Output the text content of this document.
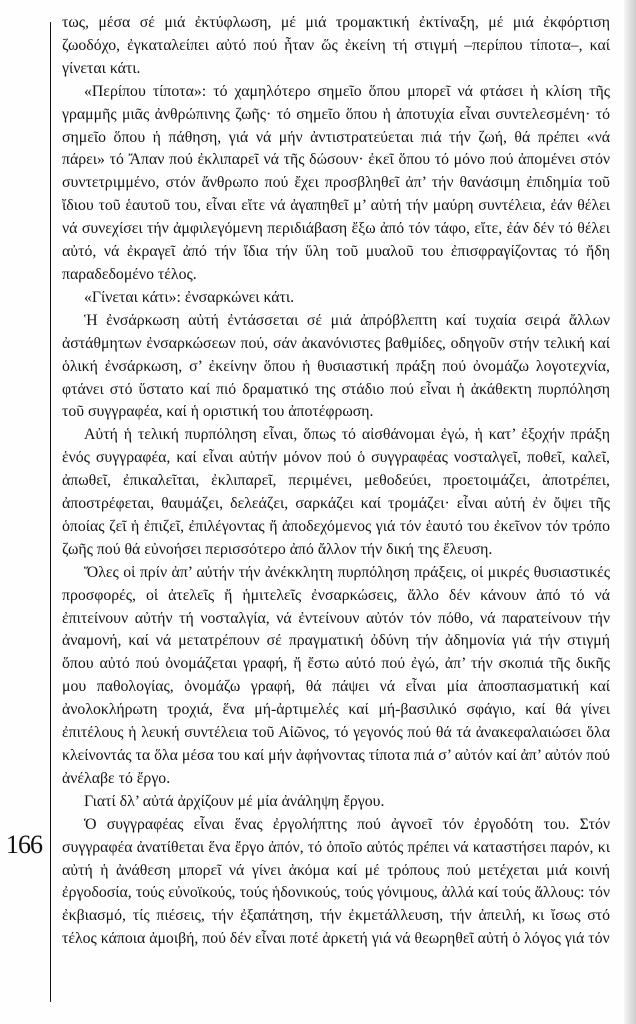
166

τως, μέσα σέ μιά ἐκτύφλωση, μέ μιά τρομακτική ἐκτίναξη, μέ μιά ἐκφόρτιση ζωοδόχο, ἐγκαταλείπει αὐτό πού ἦταν ὥς ἐκείνη τή στιγμή –περίπου τίποτα–, καί γίνεται κάτι.

«Περίπου τίποτα»: τό χαμηλότερο σημεῖο ὅπου μπορεῖ νά φτάσει ἡ κλίση τῆς γραμμῆς μιᾶς ἀνθρώπινης ζωῆς· τό σημεῖο ὅπου ἡ ἀποτυχία εἶναι συντελεσμένη· τό σημεῖο ὅπου ἡ πάθηση, γιά νά μήν ἀντιστρατεύεται πιά τήν ζωή, θά πρέπει «νά πάρει» τό Ἄπαν πού ἐκλιπαρεῖ νά τῆς δώσουν· ἐκεῖ ὅπου τό μόνο πού ἀπομένει στόν συντετριμμένο, στόν ἄνθρωπο πού ἔχει προσβληθεῖ ἀπ’ τήν θανάσιμη ἐπιδημία τοῦ ἴδιου τοῦ ἑαυτοῦ του, εἶναι εἴτε νά ἀγαπηθεῖ μ’ αὐτή τήν μαύρη συντέλεια, ἐάν θέλει νά συνεχίσει τήν ἀμφιλεγόμενη περιδιάβαση ἔξω ἀπό τόν τάφο, εἴτε, ἐάν δέν τό θέλει αὐτό, νά ἐκραγεῖ ἀπό τήν ἴδια τήν ὕλη τοῦ μυαλοῦ του ἐπισφραγίζοντας τό ἤδη παραδεδομένο τέλος.

«Γίνεται κάτι»: ἐνσαρκώνει κάτι.

Ἡ ἐνσάρκωση αὐτή ἐντάσσεται σέ μιά ἀπρόβλεπτη καί τυχαία σειρά ἄλλων ἀστάθμητων ἐνσαρκώσεων πού, σάν ἀκανόνιστες βαθμίδες, οδηγοῦν στήν τελική καί ὁλική ἐνσάρκωση, σ’ ἐκείνην ὅπου ἡ θυσιαστική πράξη πού ὀνομάζω λογοτεχνία, φτάνει στό ὕστατο καί πιό δραματικό της στάδιο πού εἶναι ἡ ἀκάθεκτη πυρπόληση τοῦ συγγραφέα, καί ἡ οριστική του ἀποτέφρωση.

Αὐτή ἡ τελική πυρπόληση εἶναι, ὅπως τό αἰσθάνομαι ἐγώ, ἡ κατ’ ἐξοχήν πράξη ἑνός συγγραφέα, καί εἶναι αὐτήν μόνον πού ὁ συγγραφέας νοσταλγεῖ, ποθεῖ, καλεῖ, ἀπωθεῖ, ἐπικαλεῖται, ἐκλιπαρεῖ, περιμένει, μεθοδεύει, προετοιμάζει, ἀποτρέπει, ἀποστρέφεται, θαυμάζει, δελεάζει, σαρκάζει καί τρομάζει· εἶναι αὐτή ἐν ὄψει τῆς ὁποίας ζεῖ ἡ ἐπιζεῖ, ἐπιλέγοντας ἤ ἀποδεχόμενος γιά τόν ἑαυτό του ἐκεῖνον τόν τρόπο ζωῆς πού θά εὐνοήσει περισσότερο ἀπό ἄλλον τήν δική της ἔλευση.

Ὅλες οἱ πρίν ἀπ’ αὐτήν τήν ἀνέκκλητη πυρπόληση πράξεις, οἱ μικρές θυσιαστικές προσφορές, οἱ ἀτελεῖς ἤ ἡμιτελεῖς ἐνσαρκώσεις, ἄλλο δέν κάνουν ἀπό τό νά ἐπιτείνουν αὐτήν τή νοσταλγία, νά ἐντείνουν αὐτόν τόν πόθο, νά παρατείνουν τήν ἀναμονή, καί νά μετατρέπουν σέ πραγματική ὀδύνη τήν ἀδημονία γιά τήν στιγμή ὅπου αὐτό πού ὀνομάζεται γραφή, ἤ ἔστω αὐτό πού ἐγώ, ἀπ’ τήν σκοπιά τῆς δικῆς μου παθολογίας, ὀνομάζω γραφή, θά πάψει νά εἶναι μία ἀποσπασματική καί ἀνολοκλήρωτη τροχιά, ἕνα μή-ἀρτιμελές καί μή-βασιλικό σφάγιο, καί θά γίνει ἐπιτέλους ἡ λευκή συντέλεια τοῦ Αἰῶνος, τό γεγονός πού θά τά ἀνακεφαλαιώσει ὅλα κλείνοντάς τα ὅλα μέσα του καί μήν ἀφήνοντας τίποτα πιά σ’ αὐτόν καί ἀπ’ αὐτόν πού ἀνέλαβε τό ἔργο.

Γιατί δλ’ αὐτά ἀρχίζουν μέ μία ἀνάληψη ἔργου.

Ὁ συγγραφέας εἶναι ἕνας ἐργολήπτης πού ἀγνοεῖ τόν ἐργοδότη του. Στόν συγγραφέα ἀνατίθεται ἕνα ἔργο ἀπόν, τό ὁποῖο αὐτός πρέπει νά καταστήσει παρόν, κι αὐτή ἡ ἀνάθεση μπορεῖ νά γίνει ἀκόμα καί μέ τρόπους πού μετέχεται μιά κοινή ἐργοδοσία, τούς εὐνοϊκούς, τούς ἡδονικούς, τούς γόνιμους, ἀλλά καί τούς ἄλλους: τόν ἐκβιασμό, τίς πιέσεις, τήν ἐξαπάτηση, τήν ἐκμετάλλευση, τήν ἀπειλή, κι ἴσως στό τέλος κάποια ἀμοιβή, πού δέν εἶναι ποτέ ἀρκετή γιά νά θεωρηθεῖ αὐτή ὁ λόγος γιά τόν
